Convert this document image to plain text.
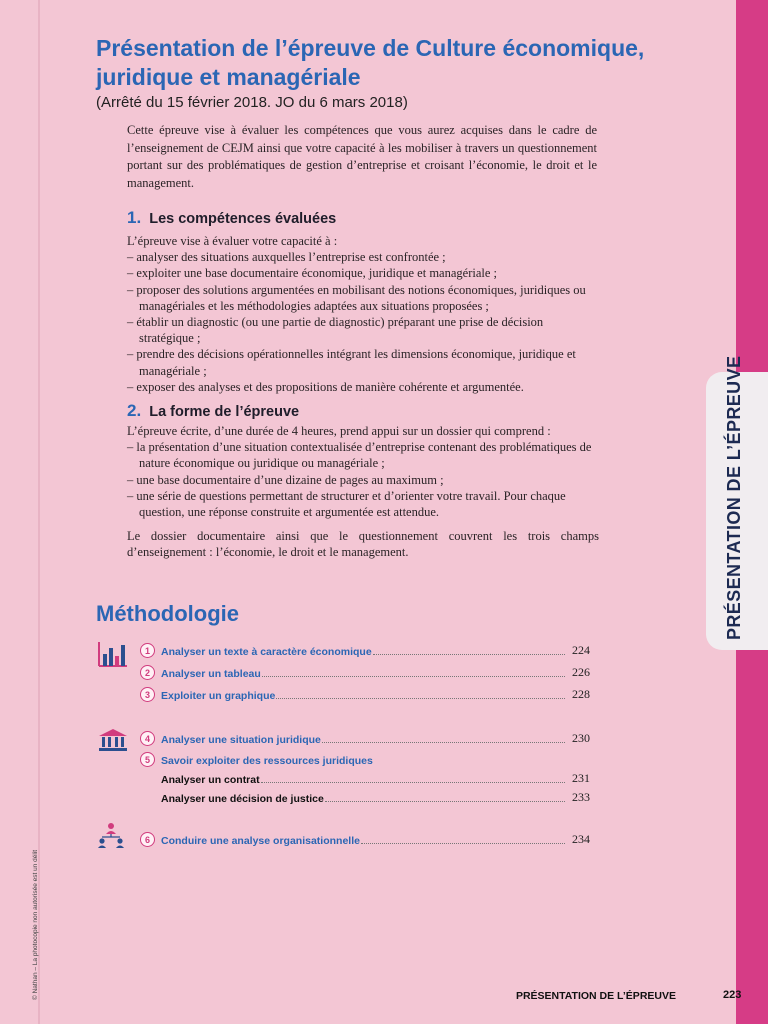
PRÉSENTATION DE L’ÉPREUVE
Présentation de l’épreuve de Culture économique, juridique et managériale

(Arrêté du 15 février 2018. JO du 6 mars 2018)

Cette épreuve vise à évaluer les compétences que vous aurez acquises dans le cadre de l’enseignement de CEJM ainsi que votre capacité à les mobiliser à travers un questionnement portant sur des problématiques de gestion d’entreprise et croisant l’économie, le droit et le management.

1. Les compétences évaluées
L’épreuve vise à évaluer votre capacité à :
– analyser des situations auxquelles l’entreprise est confrontée ;
– exploiter une base documentaire économique, juridique et managériale ;
– proposer des solutions argumentées en mobilisant des notions économiques, juridiques ou managériales et les méthodologies adaptées aux situations proposées ;
– établir un diagnostic (ou une partie de diagnostic) préparant une prise de décision stratégique ;
– prendre des décisions opérationnelles intégrant les dimensions économique, juridique et managériale ;
– exposer des analyses et des propositions de manière cohérente et argumentée.
2. La forme de l’épreuve
L’épreuve écrite, d’une durée de 4 heures, prend appui sur un dossier qui comprend :
– la présentation d’une situation contextualisée d’entreprise contenant des problématiques de nature économique ou juridique ou managériale ;
– une base documentaire d’une dizaine de pages au maximum ;
– une série de questions permettant de structurer et d’orienter votre travail. Pour chaque question, une réponse construite et argumentée est attendue.

Le dossier documentaire ainsi que le questionnement couvrent les trois champs d’enseignement : l’économie, le droit et le management.

Méthodologie
1	Analyser un texte à caractère économique	224
2	Analyser un tableau	226
3	Exploiter un graphique	228
4	Analyser une situation juridique	230
5	Savoir exploiter des ressources juridiques
Analyser un contrat	231
Analyser une décision de justice	233
6	Conduire une analyse organisationnelle	234
© Nathan – La photocopie non autorisée est un délit	PRÉSENTATION DE L’ÉPREUVE	223
